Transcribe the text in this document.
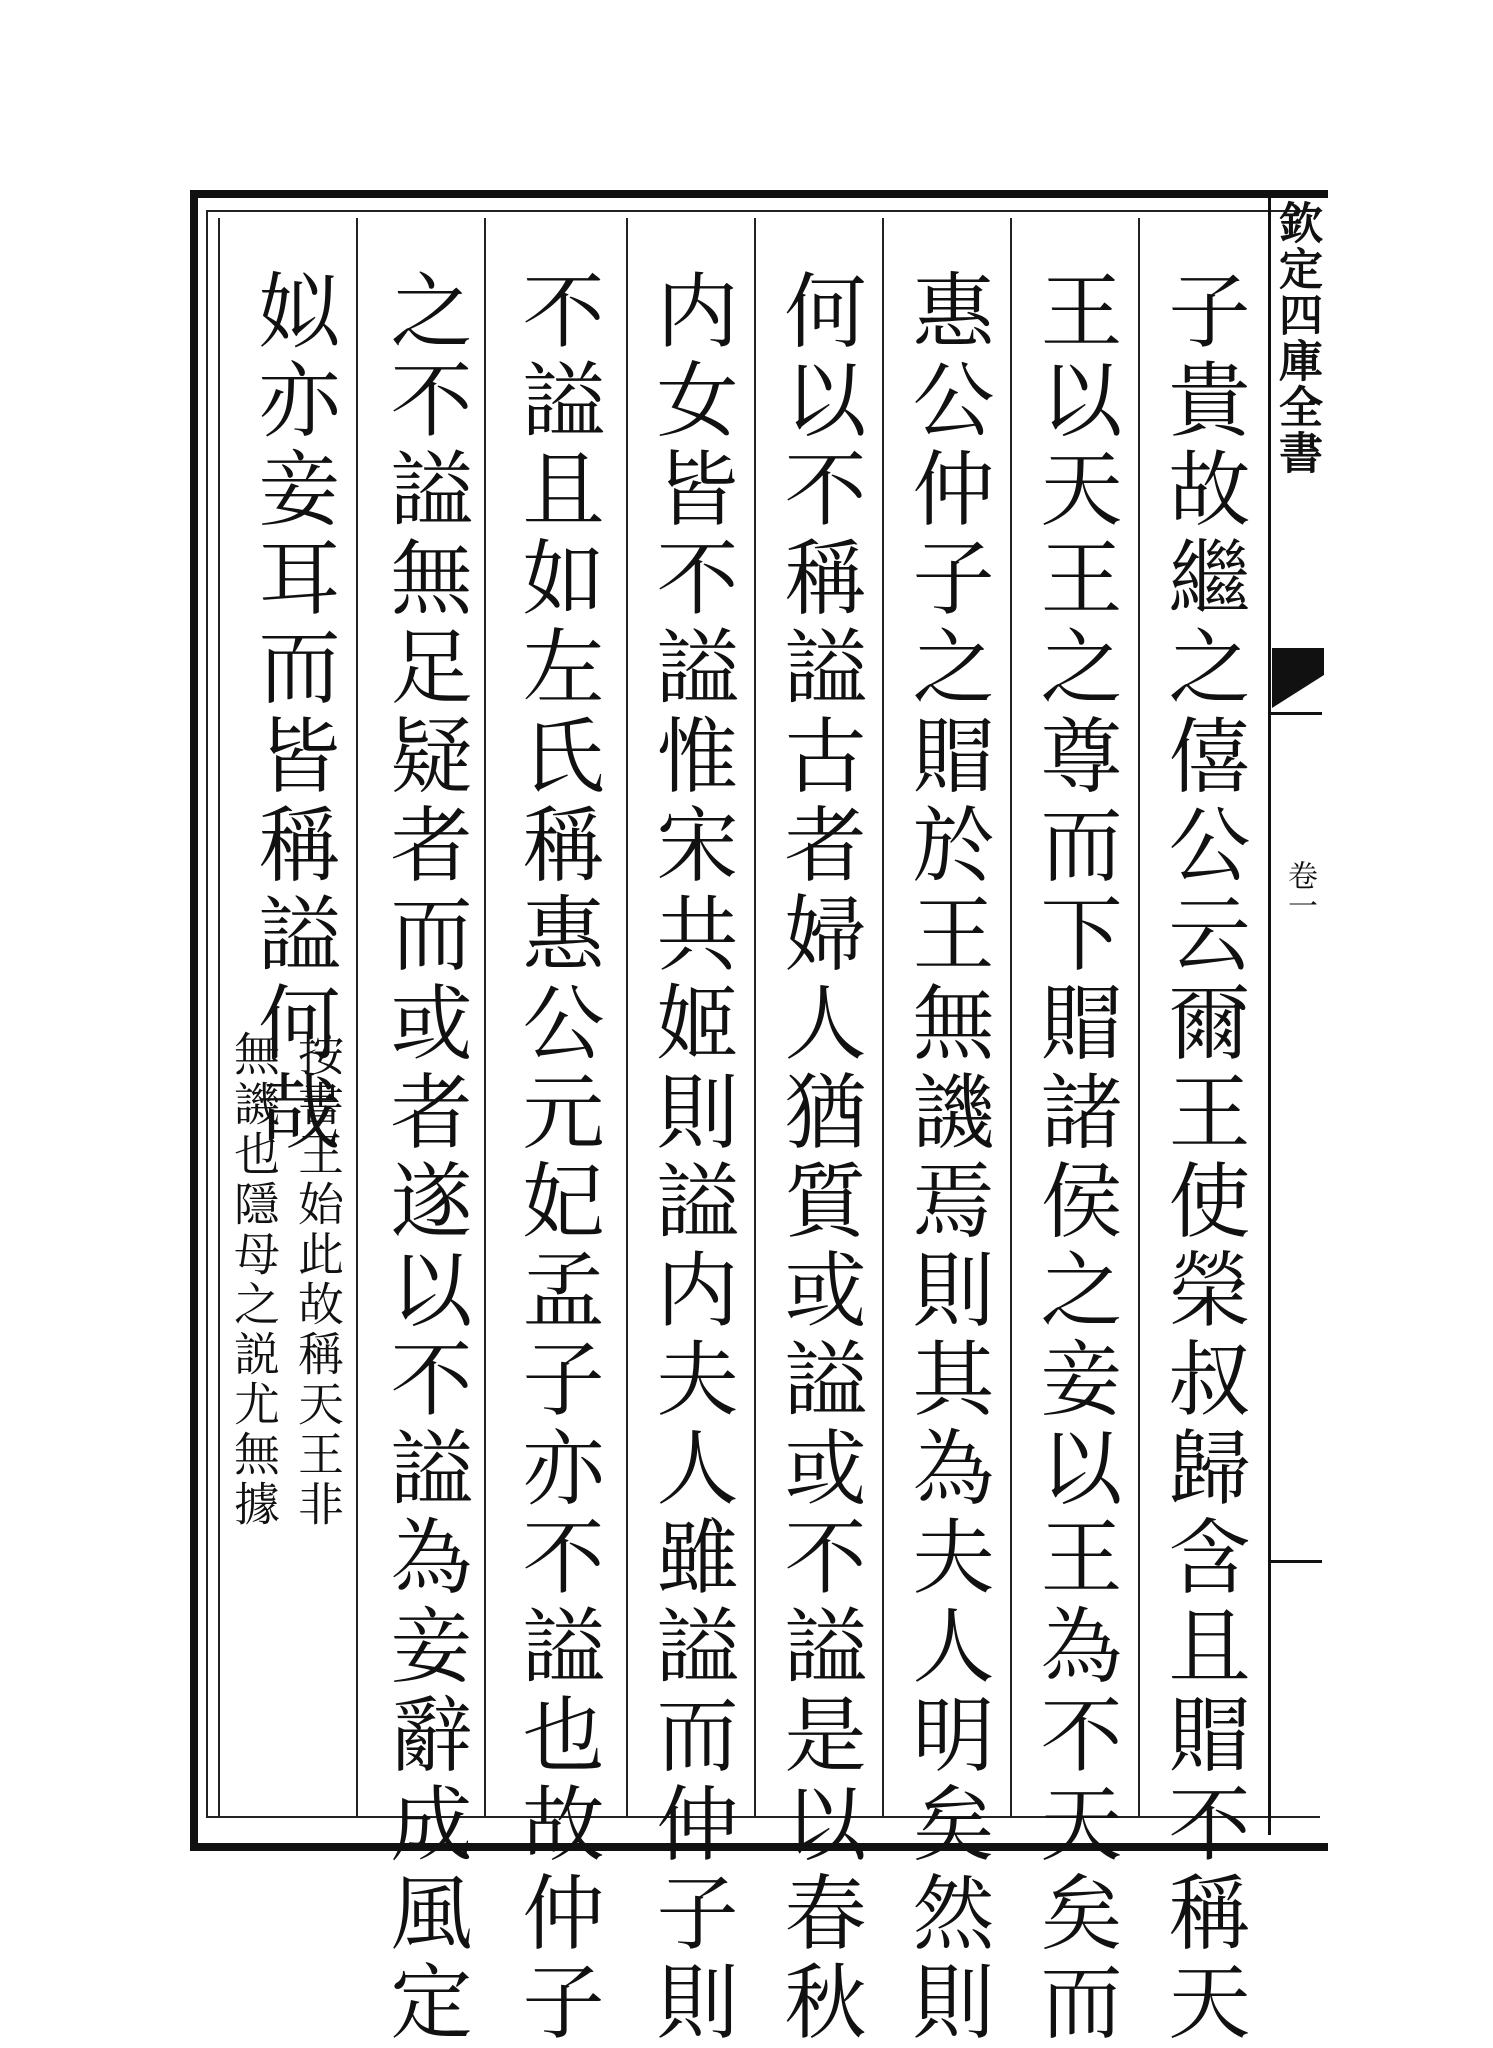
欽定四庫全書
卷一
子貴故繼之僖公云爾王使榮叔歸含且賵不稱天
王以天王之尊而下賵諸侯之妾以王為不天矣而
惠公仲子之賵於王無譏焉則其為夫人明矣然則
何以不稱謚古者婦人猶質或謚或不謚是以春秋
内女皆不謚惟宋共姬則謚内夫人雖謚而仲子則
不謚且如左氏稱惠公元妃孟子亦不謚也故仲子
之不謚無足疑者而或者遂以不謚為妾辭成風定
姒亦妾耳而皆稱謚何哉
按書王始此故稱天王非
無譏也隱母之説尤無據
